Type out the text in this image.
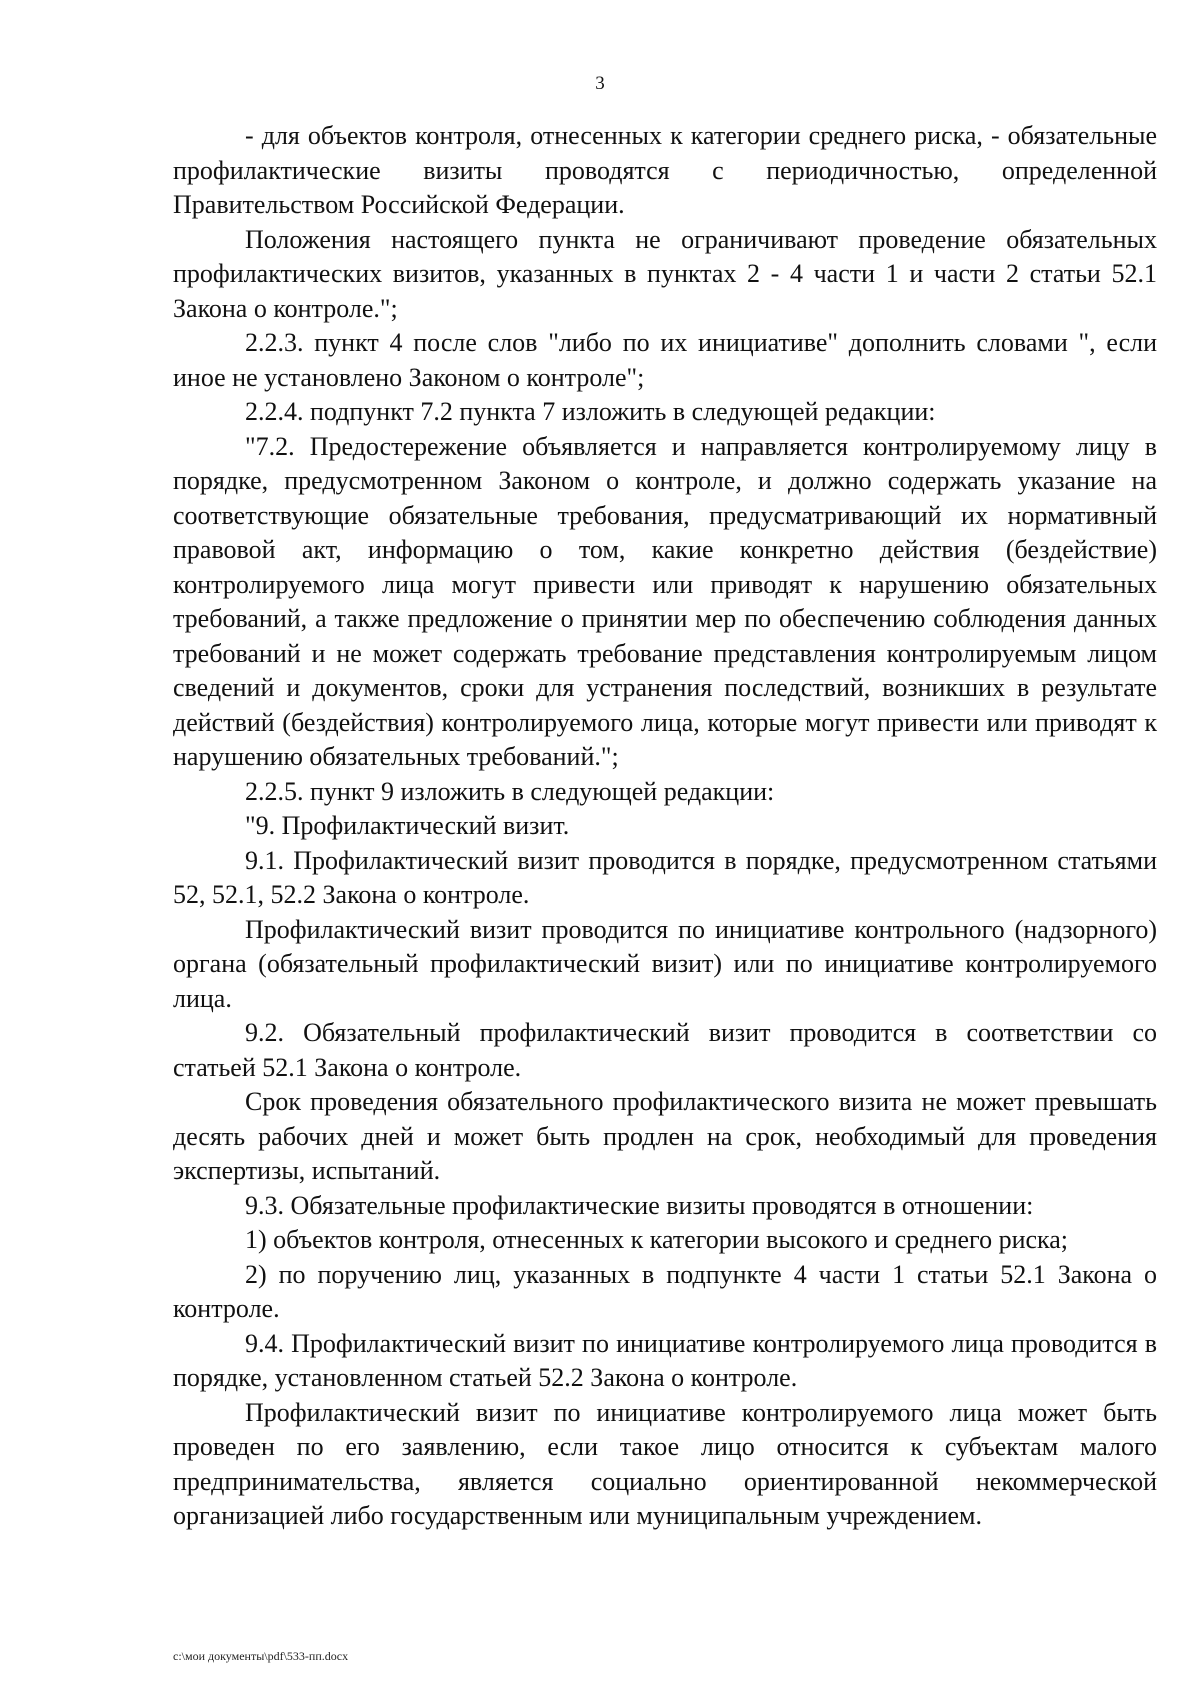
3

- для объектов контроля, отнесенных к категории среднего риска, - обязательные профилактические визиты проводятся с периодичностью, определенной Правительством Российской Федерации.

Положения настоящего пункта не ограничивают проведение обязательных профилактических визитов, указанных в пунктах 2 - 4 части 1 и части 2 статьи 52.1 Закона о контроле.";

2.2.3. пункт 4 после слов "либо по их инициативе" дополнить словами ", если иное не установлено Законом о контроле";

2.2.4. подпункт 7.2 пункта 7 изложить в следующей редакции:

"7.2. Предостережение объявляется и направляется контролируемому лицу в порядке, предусмотренном Законом о контроле, и должно содержать указание на соответствующие обязательные требования, предусматривающий их нормативный правовой акт, информацию о том, какие конкретно действия (бездействие) контролируемого лица могут привести или приводят к нарушению обязательных требований, а также предложение о принятии мер по обеспечению соблюдения данных требований и не может содержать требование представления контролируемым лицом сведений и документов, сроки для устранения последствий, возникших в результате действий (бездействия) контролируемого лица, которые могут привести или приводят к нарушению обязательных требований.";

2.2.5. пункт 9 изложить в следующей редакции:

"9. Профилактический визит.

9.1. Профилактический визит проводится в порядке, предусмотренном статьями 52, 52.1, 52.2 Закона о контроле.

Профилактический визит проводится по инициативе контрольного (надзорного) органа (обязательный профилактический визит) или по инициативе контролируемого лица.

9.2. Обязательный профилактический визит проводится в соответствии со статьей 52.1 Закона о контроле.

Срок проведения обязательного профилактического визита не может превышать десять рабочих дней и может быть продлен на срок, необходимый для проведения экспертизы, испытаний.

9.3. Обязательные профилактические визиты проводятся в отношении:

1) объектов контроля, отнесенных к категории высокого и среднего риска;

2) по поручению лиц, указанных в подпункте 4 части 1 статьи 52.1 Закона о контроле.

9.4. Профилактический визит по инициативе контролируемого лица проводится в порядке, установленном статьей 52.2 Закона о контроле.

Профилактический визит по инициативе контролируемого лица может быть проведен по его заявлению, если такое лицо относится к субъектам малого предпринимательства, является социально ориентированной некоммерческой организацией либо государственным или муниципальным учреждением.

c:\мои документы\pdf\533-пп.docx
